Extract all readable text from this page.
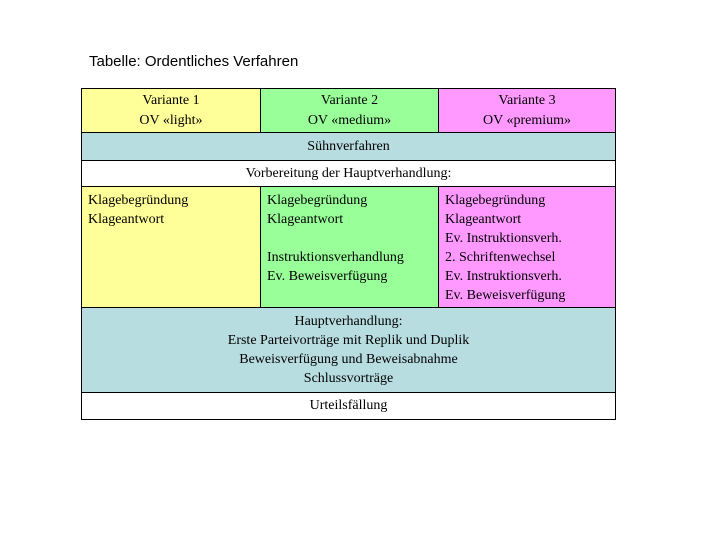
Tabelle: Ordentliches Verfahren
Variante 1
OV «light»
Variante 2
OV «medium»
Variante 3
OV «premium»
Sühnverfahren
Vorbereitung der Hauptverhandlung:
Klagebegründung
Klageantwort
Klagebegründung
Klageantwort
Instruktionsverhandlung
Ev. Beweisverfügung
Klagebegründung
Klageantwort
Ev. Instruktionsverh.
2. Schriftenwechsel
Ev. Instruktionsverh.
Ev. Beweisverfügung
Hauptverhandlung:
Erste Parteivorträge mit Replik und Duplik
Beweisverfügung und Beweisabnahme
Schlussvorträge
Urteilsfällung
